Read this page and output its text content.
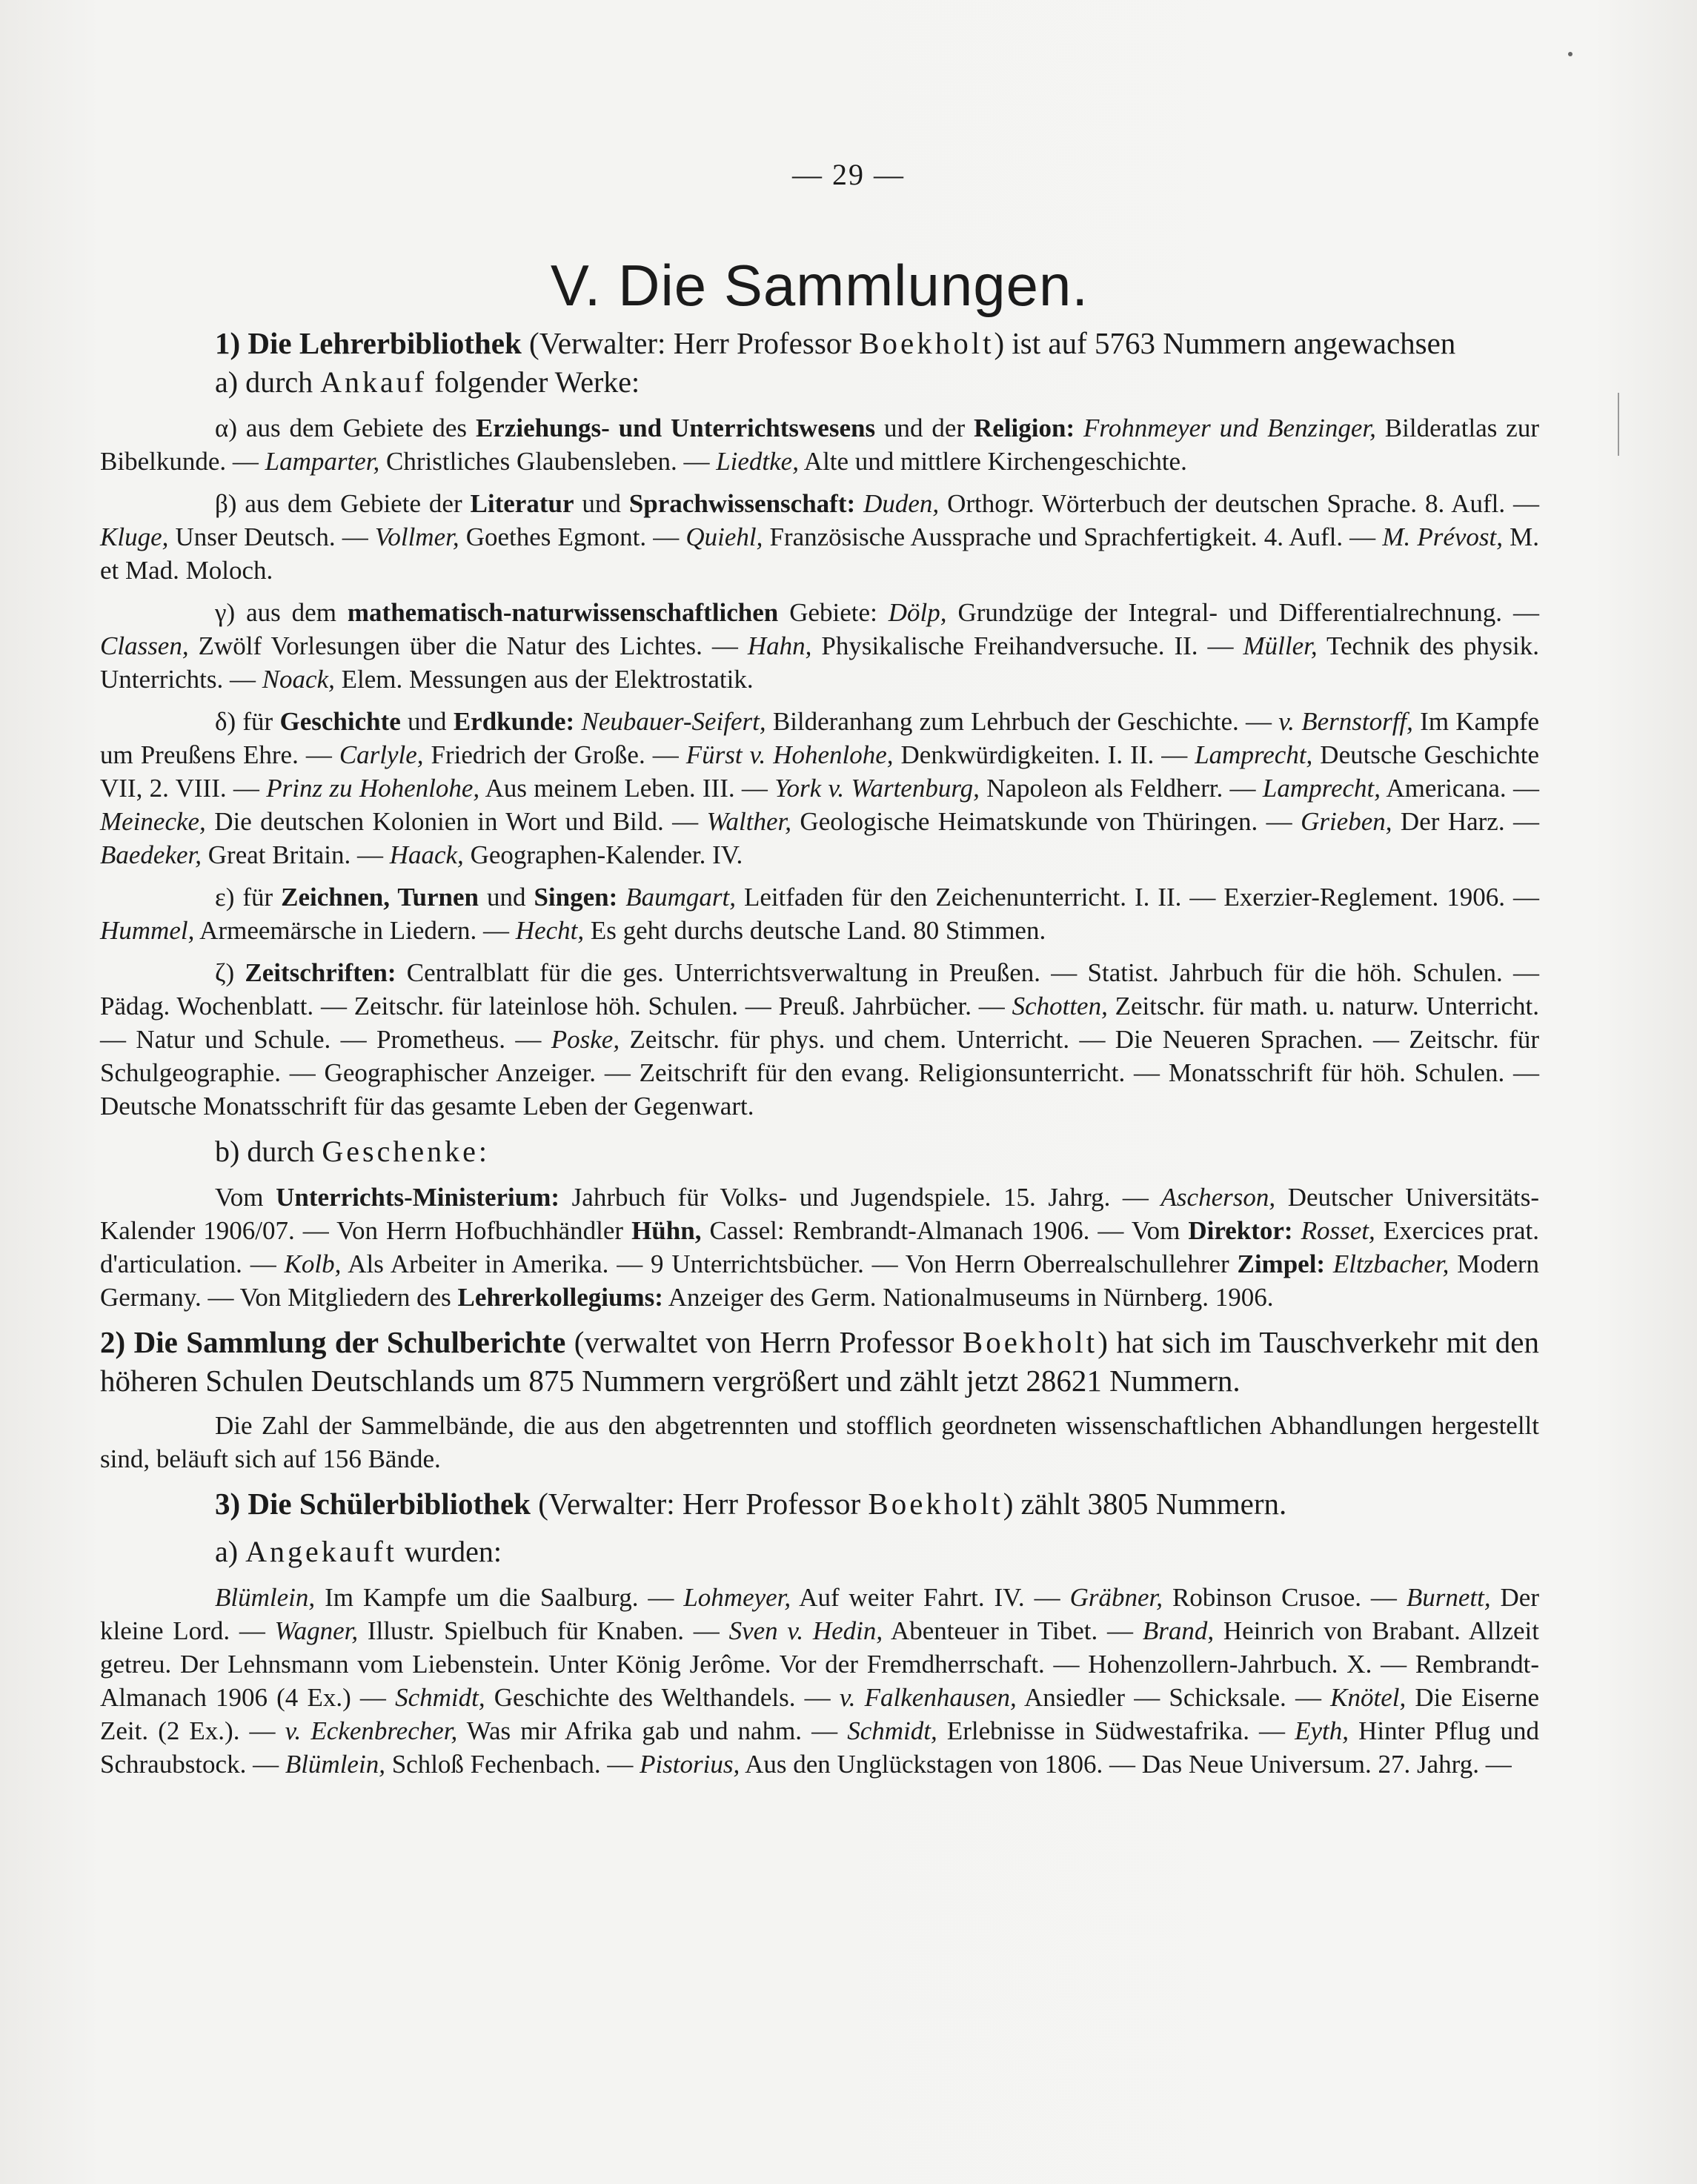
— 29 —
V. Die Sammlungen.

1) Die Lehrerbibliothek (Verwalter: Herr Professor Boekholt) ist auf 5763 Nummern angewachsen

a) durch Ankauf folgender Werke:

α) aus dem Gebiete des Erziehungs- und Unterrichtswesens und der Religion: Frohnmeyer und Benzinger, Bilderatlas zur Bibelkunde. — Lamparter, Christliches Glaubensleben. — Liedtke, Alte und mittlere Kirchengeschichte.

β) aus dem Gebiete der Literatur und Sprachwissenschaft: Duden, Orthogr. Wörterbuch der deutschen Sprache. 8. Aufl. — Kluge, Unser Deutsch. — Vollmer, Goethes Egmont. — Quiehl, Französische Aussprache und Sprachfertigkeit. 4. Aufl. — M. Prévost, M. et Mad. Moloch.

γ) aus dem mathematisch-naturwissenschaftlichen Gebiete: Dölp, Grundzüge der Integral- und Differentialrechnung. — Classen, Zwölf Vorlesungen über die Natur des Lichtes. — Hahn, Physikalische Freihandversuche. II. — Müller, Technik des physik. Unterrichts. — Noack, Elem. Messungen aus der Elektrostatik.

δ) für Geschichte und Erdkunde: Neubauer-Seifert, Bilderanhang zum Lehrbuch der Geschichte. — v. Bernstorff, Im Kampfe um Preußens Ehre. — Carlyle, Friedrich der Große. — Fürst v. Hohenlohe, Denkwürdigkeiten. I. II. — Lamprecht, Deutsche Geschichte VII, 2. VIII. — Prinz zu Hohenlohe, Aus meinem Leben. III. — York v. Wartenburg, Napoleon als Feldherr. — Lamprecht, Americana. — Meinecke, Die deutschen Kolonien in Wort und Bild. — Walther, Geologische Heimatskunde von Thüringen. — Grieben, Der Harz. — Baedeker, Great Britain. — Haack, Geographen-Kalender. IV.

ε) für Zeichnen, Turnen und Singen: Baumgart, Leitfaden für den Zeichenunterricht. I. II. — Exerzier-Reglement. 1906. — Hummel, Armeemärsche in Liedern. — Hecht, Es geht durchs deutsche Land. 80 Stimmen.

ζ) Zeitschriften: Centralblatt für die ges. Unterrichtsverwaltung in Preußen. — Statist. Jahrbuch für die höh. Schulen. — Pädag. Wochenblatt. — Zeitschr. für lateinlose höh. Schulen. — Preuß. Jahrbücher. — Schotten, Zeitschr. für math. u. naturw. Unterricht. — Natur und Schule. — Prometheus. — Poske, Zeitschr. für phys. und chem. Unterricht. — Die Neueren Sprachen. — Zeitschr. für Schulgeographie. — Geographischer Anzeiger. — Zeitschrift für den evang. Religionsunterricht. — Monatsschrift für höh. Schulen. — Deutsche Monatsschrift für das gesamte Leben der Gegenwart.

b) durch Geschenke:

Vom Unterrichts-Ministerium: Jahrbuch für Volks- und Jugendspiele. 15. Jahrg. — Ascherson, Deutscher Universitäts-Kalender 1906/07. — Von Herrn Hofbuchhändler Hühn, Cassel: Rembrandt-Almanach 1906. — Vom Direktor: Rosset, Exercices prat. d'articulation. — Kolb, Als Arbeiter in Amerika. — 9 Unterrichtsbücher. — Von Herrn Oberrealschullehrer Zimpel: Eltzbacher, Modern Germany. — Von Mitgliedern des Lehrerkollegiums: Anzeiger des Germ. Nationalmuseums in Nürnberg. 1906.

2) Die Sammlung der Schulberichte (verwaltet von Herrn Professor Boekholt) hat sich im Tauschverkehr mit den höheren Schulen Deutschlands um 875 Nummern vergrößert und zählt jetzt 28621 Nummern.

Die Zahl der Sammelbände, die aus den abgetrennten und stofflich geordneten wissenschaftlichen Abhandlungen hergestellt sind, beläuft sich auf 156 Bände.

3) Die Schülerbibliothek (Verwalter: Herr Professor Boekholt) zählt 3805 Nummern.

a) Angekauft wurden:

Blümlein, Im Kampfe um die Saalburg. — Lohmeyer, Auf weiter Fahrt. IV. — Gräbner, Robinson Crusoe. — Burnett, Der kleine Lord. — Wagner, Illustr. Spielbuch für Knaben. — Sven v. Hedin, Abenteuer in Tibet. — Brand, Heinrich von Brabant. Allzeit getreu. Der Lehnsmann vom Liebenstein. Unter König Jerôme. Vor der Fremdherrschaft. — Hohenzollern-Jahrbuch. X. — Rembrandt-Almanach 1906 (4 Ex.) — Schmidt, Geschichte des Welthandels. — v. Falkenhausen, Ansiedler — Schicksale. — Knötel, Die Eiserne Zeit. (2 Ex.). — v. Eckenbrecher, Was mir Afrika gab und nahm. — Schmidt, Erlebnisse in Südwestafrika. — Eyth, Hinter Pflug und Schraubstock. — Blümlein, Schloß Fechenbach. — Pistorius, Aus den Unglückstagen von 1806. — Das Neue Universum. 27. Jahrg. —
